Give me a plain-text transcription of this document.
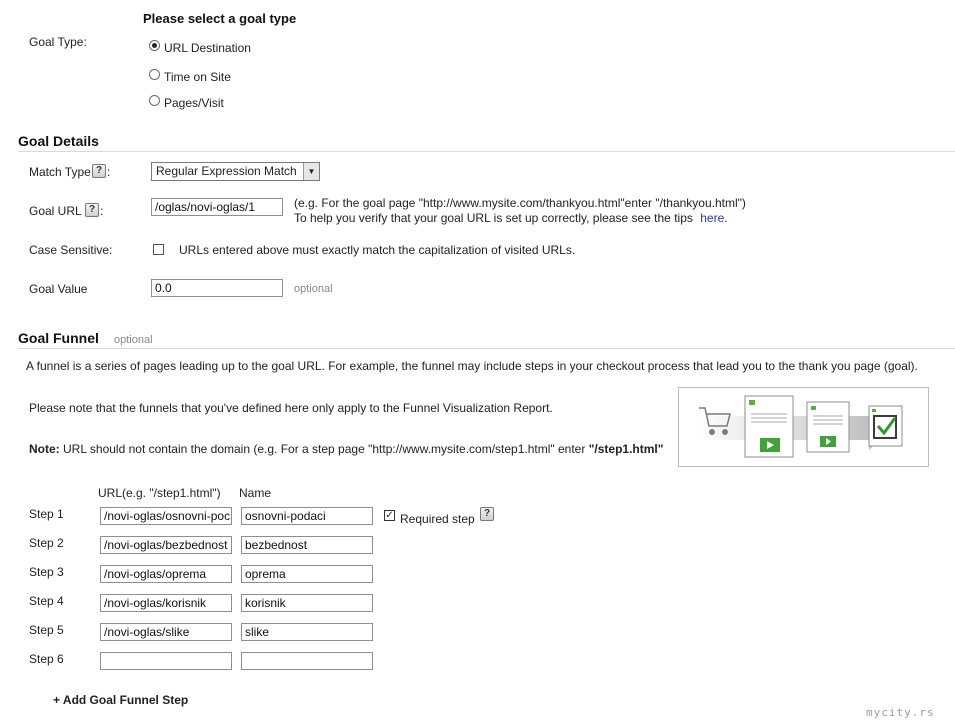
Please select a goal type
Goal Type:	URL Destination
Time on Site
Pages/Visit
Goal Details
Match Type ? :	Regular Expression Match	▼
Goal URL ? :	/oglas/novi-oglas/1	(e.g. For the goal page "http://www.mysite.com/thankyou.html"enter "/thankyou.html")
To help you verify that your goal URL is set up correctly, please see the tips here.
Case Sensitive:	URLs entered above must exactly match the capitalization of visited URLs.
Goal Value	0.0	optional
Goal Funnel optional
A funnel is a series of pages leading up to the goal URL. For example, the funnel may include steps in your checkout process that lead you to the thank you page (goal).
Please note that the funnels that you've defined here only apply to the Funnel Visualization Report.
Note: URL should not contain the domain (e.g. For a step page "http://www.mysite.com/step1.html" enter "/step1.html"
URL(e.g. "/step1.html") Name
Step 1	/novi-oglas/osnovni-poc	osnovni-podaci	✓ Required step ?
Step 2	/novi-oglas/bezbednost	bezbednost
Step 3	/novi-oglas/oprema	oprema
Step 4	/novi-oglas/korisnik	korisnik
Step 5	/novi-oglas/slike	slike
Step 6
+ Add Goal Funnel Step
mycity.rs
